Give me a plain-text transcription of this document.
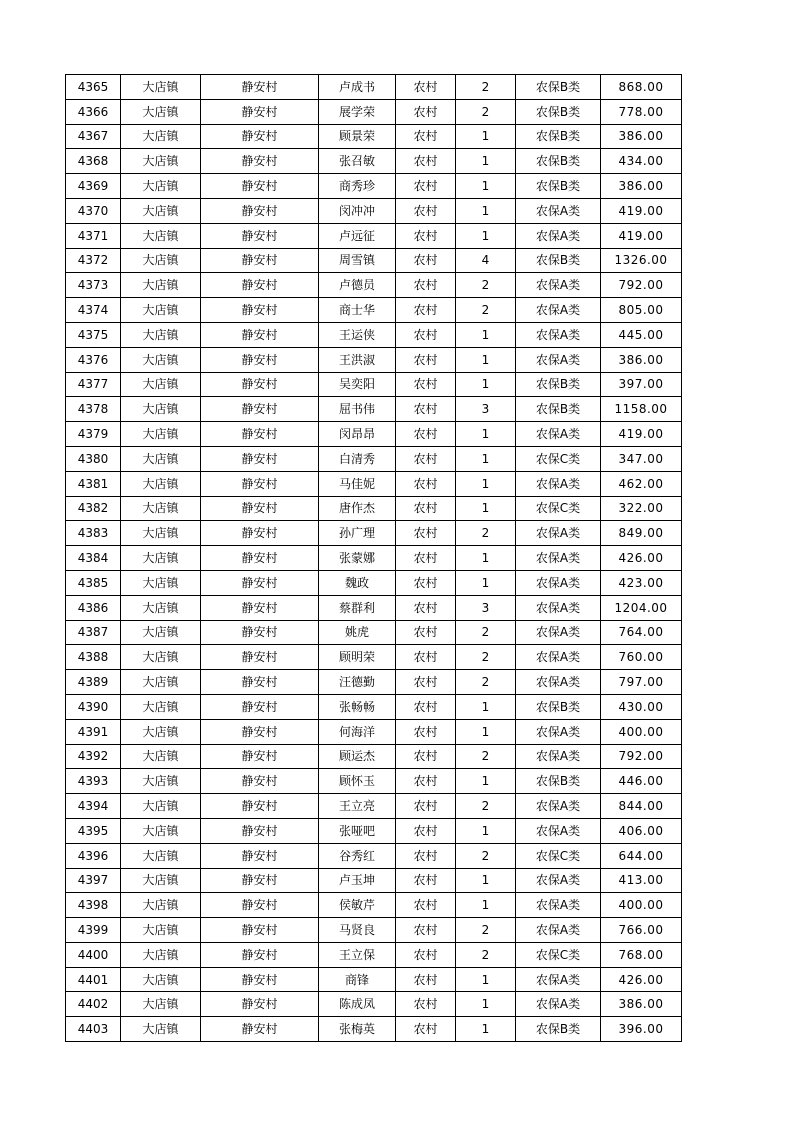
4365	大店镇	静安村	卢成书	农村	2	农保B类	868.00
4366	大店镇	静安村	展学荣	农村	2	农保B类	778.00
4367	大店镇	静安村	顾景荣	农村	1	农保B类	386.00
4368	大店镇	静安村	张召敏	农村	1	农保B类	434.00
4369	大店镇	静安村	商秀珍	农村	1	农保B类	386.00
4370	大店镇	静安村	闵冲冲	农村	1	农保A类	419.00
4371	大店镇	静安村	卢远征	农村	1	农保A类	419.00
4372	大店镇	静安村	周雪镇	农村	4	农保B类	1326.00
4373	大店镇	静安村	卢德员	农村	2	农保A类	792.00
4374	大店镇	静安村	商士华	农村	2	农保A类	805.00
4375	大店镇	静安村	王运侠	农村	1	农保A类	445.00
4376	大店镇	静安村	王洪淑	农村	1	农保A类	386.00
4377	大店镇	静安村	吴奕阳	农村	1	农保B类	397.00
4378	大店镇	静安村	屈书伟	农村	3	农保B类	1158.00
4379	大店镇	静安村	闵昂昂	农村	1	农保A类	419.00
4380	大店镇	静安村	白清秀	农村	1	农保C类	347.00
4381	大店镇	静安村	马佳妮	农村	1	农保A类	462.00
4382	大店镇	静安村	唐作杰	农村	1	农保C类	322.00
4383	大店镇	静安村	孙广理	农村	2	农保A类	849.00
4384	大店镇	静安村	张蒙娜	农村	1	农保A类	426.00
4385	大店镇	静安村	魏政	农村	1	农保A类	423.00
4386	大店镇	静安村	蔡群利	农村	3	农保A类	1204.00
4387	大店镇	静安村	姚虎	农村	2	农保A类	764.00
4388	大店镇	静安村	顾明荣	农村	2	农保A类	760.00
4389	大店镇	静安村	汪德勤	农村	2	农保A类	797.00
4390	大店镇	静安村	张畅畅	农村	1	农保B类	430.00
4391	大店镇	静安村	何海洋	农村	1	农保A类	400.00
4392	大店镇	静安村	顾运杰	农村	2	农保A类	792.00
4393	大店镇	静安村	顾怀玉	农村	1	农保B类	446.00
4394	大店镇	静安村	王立亮	农村	2	农保A类	844.00
4395	大店镇	静安村	张哑吧	农村	1	农保A类	406.00
4396	大店镇	静安村	谷秀红	农村	2	农保C类	644.00
4397	大店镇	静安村	卢玉坤	农村	1	农保A类	413.00
4398	大店镇	静安村	侯敏芹	农村	1	农保A类	400.00
4399	大店镇	静安村	马贤良	农村	2	农保A类	766.00
4400	大店镇	静安村	王立保	农村	2	农保C类	768.00
4401	大店镇	静安村	商锋	农村	1	农保A类	426.00
4402	大店镇	静安村	陈成凤	农村	1	农保A类	386.00
4403	大店镇	静安村	张梅英	农村	1	农保B类	396.00
